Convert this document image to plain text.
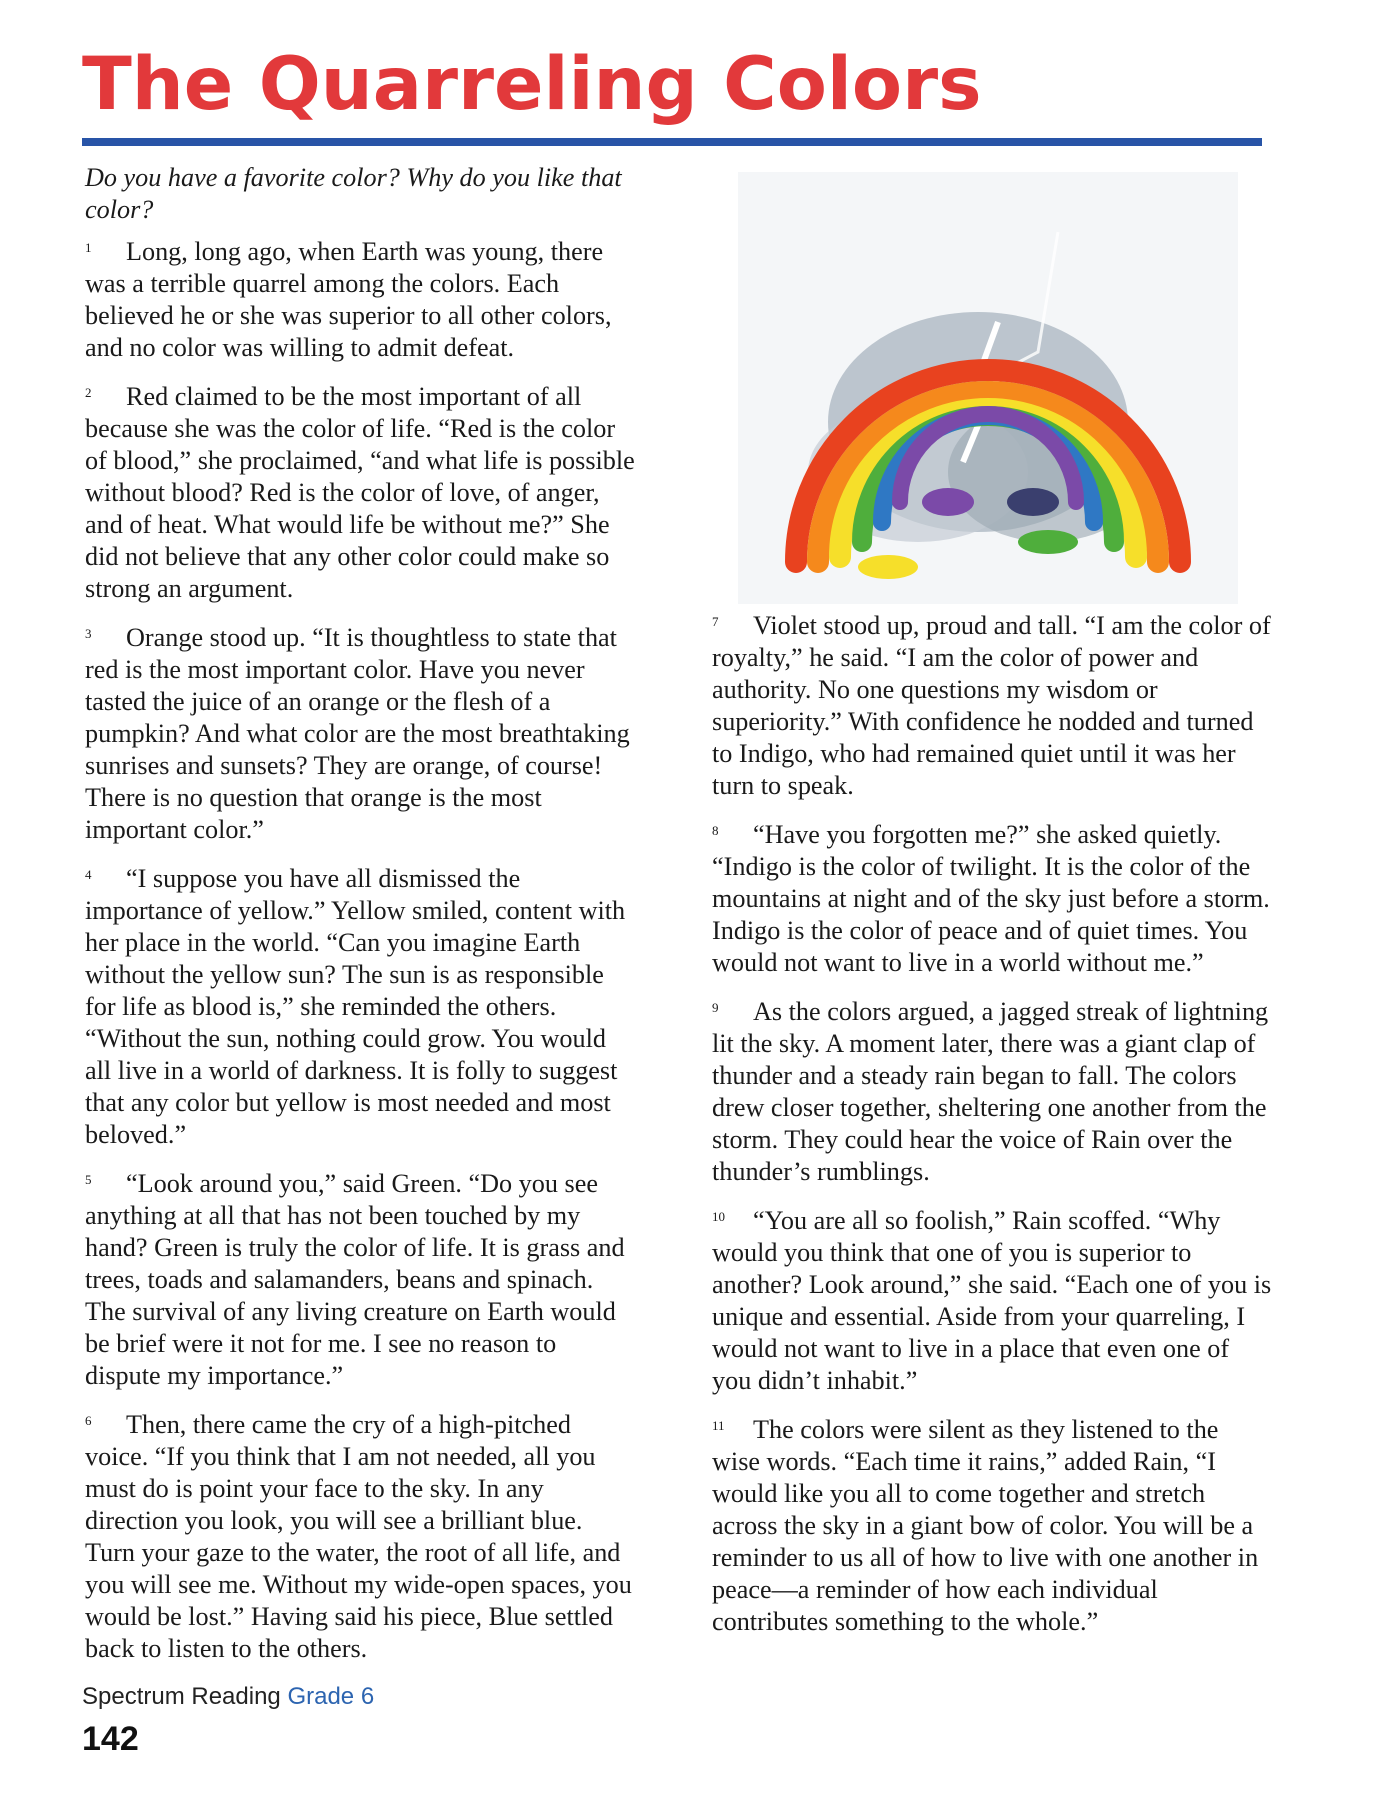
The Quarreling Colors

Do you have a favorite color? Why do you like that color?

1 Long, long ago, when Earth was young, there was a terrible quarrel among the colors. Each believed he or she was superior to all other colors, and no color was willing to admit defeat.

2 Red claimed to be the most important of all because she was the color of life. “Red is the color of blood,” she proclaimed, “and what life is possible without blood? Red is the color of love, of anger, and of heat. What would life be without me?” She did not believe that any other color could make so strong an argument.

3 Orange stood up. “It is thoughtless to state that red is the most important color. Have you never tasted the juice of an orange or the flesh of a pumpkin? And what color are the most breathtaking sunrises and sunsets? They are orange, of course! There is no question that orange is the most important color.”

4 “I suppose you have all dismissed the importance of yellow.” Yellow smiled, content with her place in the world. “Can you imagine Earth without the yellow sun? The sun is as responsible for life as blood is,” she reminded the others. “Without the sun, nothing could grow. You would all live in a world of darkness. It is folly to suggest that any color but yellow is most needed and most beloved.”

5 “Look around you,” said Green. “Do you see anything at all that has not been touched by my hand? Green is truly the color of life. It is grass and trees, toads and salamanders, beans and spinach. The survival of any living creature on Earth would be brief were it not for me. I see no reason to dispute my importance.”

6 Then, there came the cry of a high-pitched voice. “If you think that I am not needed, all you must do is point your face to the sky. In any direction you look, you will see a brilliant blue. Turn your gaze to the water, the root of all life, and you will see me. Without my wide-open spaces, you would be lost.” Having said his piece, Blue settled back to listen to the others.

7 Violet stood up, proud and tall. “I am the color of royalty,” he said. “I am the color of power and authority. No one questions my wisdom or superiority.” With confidence he nodded and turned to Indigo, who had remained quiet until it was her turn to speak.

8 “Have you forgotten me?” she asked quietly. “Indigo is the color of twilight. It is the color of the mountains at night and of the sky just before a storm. Indigo is the color of peace and of quiet times. You would not want to live in a world without me.”

9 As the colors argued, a jagged streak of lightning lit the sky. A moment later, there was a giant clap of thunder and a steady rain began to fall. The colors drew closer together, sheltering one another from the storm. They could hear the voice of Rain over the thunder’s rumblings.

10 “You are all so foolish,” Rain scoffed. “Why would you think that one of you is superior to another? Look around,” she said. “Each one of you is unique and essential. Aside from your quarreling, I would not want to live in a place that even one of you didn’t inhabit.”

11 The colors were silent as they listened to the wise words. “Each time it rains,” added Rain, “I would like you all to come together and stretch across the sky in a giant bow of color. You will be a reminder to us all of how to live with one another in peace—a reminder of how each individual contributes something to the whole.”

Spectrum Reading Grade 6
142
